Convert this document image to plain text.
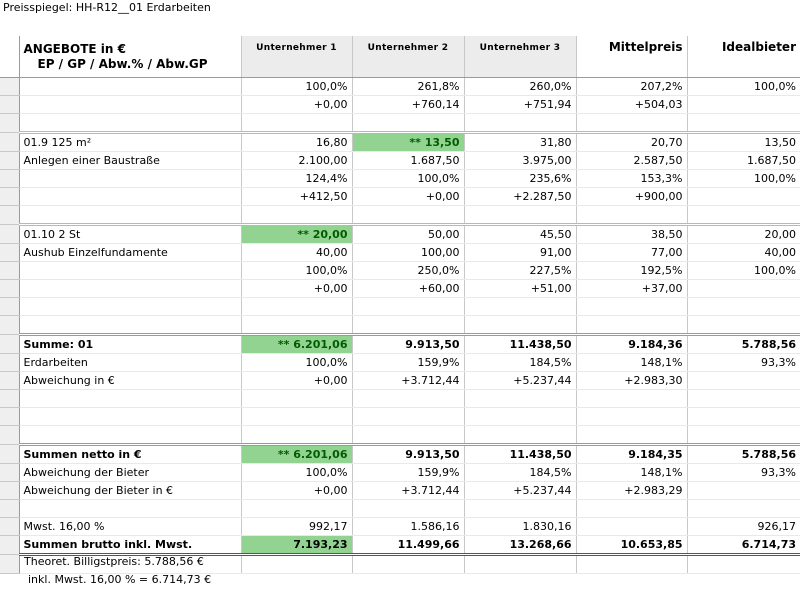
Preisspiegel: HH-R12__01 Erdarbeiten

	ANGEBOTE in €
EP / GP / Abw.% / Abw.GP	Unternehmer 1	Unternehmer 2	Unternehmer 3	Mittelpreis	Idealbieter
		100,0%	261,8%	260,0%	207,2%	100,0%
		+0,00	+760,14	+751,94	+504,03	

	01.9 125 m²	16,80	** 13,50	31,80	20,70	13,50
	Anlegen einer Baustraße	2.100,00	1.687,50	3.975,00	2.587,50	1.687,50
		124,4%	100,0%	235,6%	153,3%	100,0%
		+412,50	+0,00	+2.287,50	+900,00	

	01.10 2 St	** 20,00	50,00	45,50	38,50	20,00
	Aushub Einzelfundamente	40,00	100,00	91,00	77,00	40,00
		100,0%	250,0%	227,5%	192,5%	100,0%
		+0,00	+60,00	+51,00	+37,00	

	Summe: 01	** 6.201,06	9.913,50	11.438,50	9.184,36	5.788,56
	Erdarbeiten	100,0%	159,9%	184,5%	148,1%	93,3%
	Abweichung in €	+0,00	+3.712,44	+5.237,44	+2.983,30	

	Summen netto in €	** 6.201,06	9.913,50	11.438,50	9.184,35	5.788,56
	Abweichung der Bieter	100,0%	159,9%	184,5%	148,1%	93,3%
	Abweichung der Bieter in €	+0,00	+3.712,44	+5.237,44	+2.983,29	

	Mwst. 16,00 %	992,17	1.586,16	1.830,16		926,17
	Summen brutto inkl. Mwst.	7.193,23	11.499,66	13.268,66	10.653,85	6.714,73

Theoret. Billigstpreis: 5.788,56 €
inkl. Mwst. 16,00 % = 6.714,73 €
